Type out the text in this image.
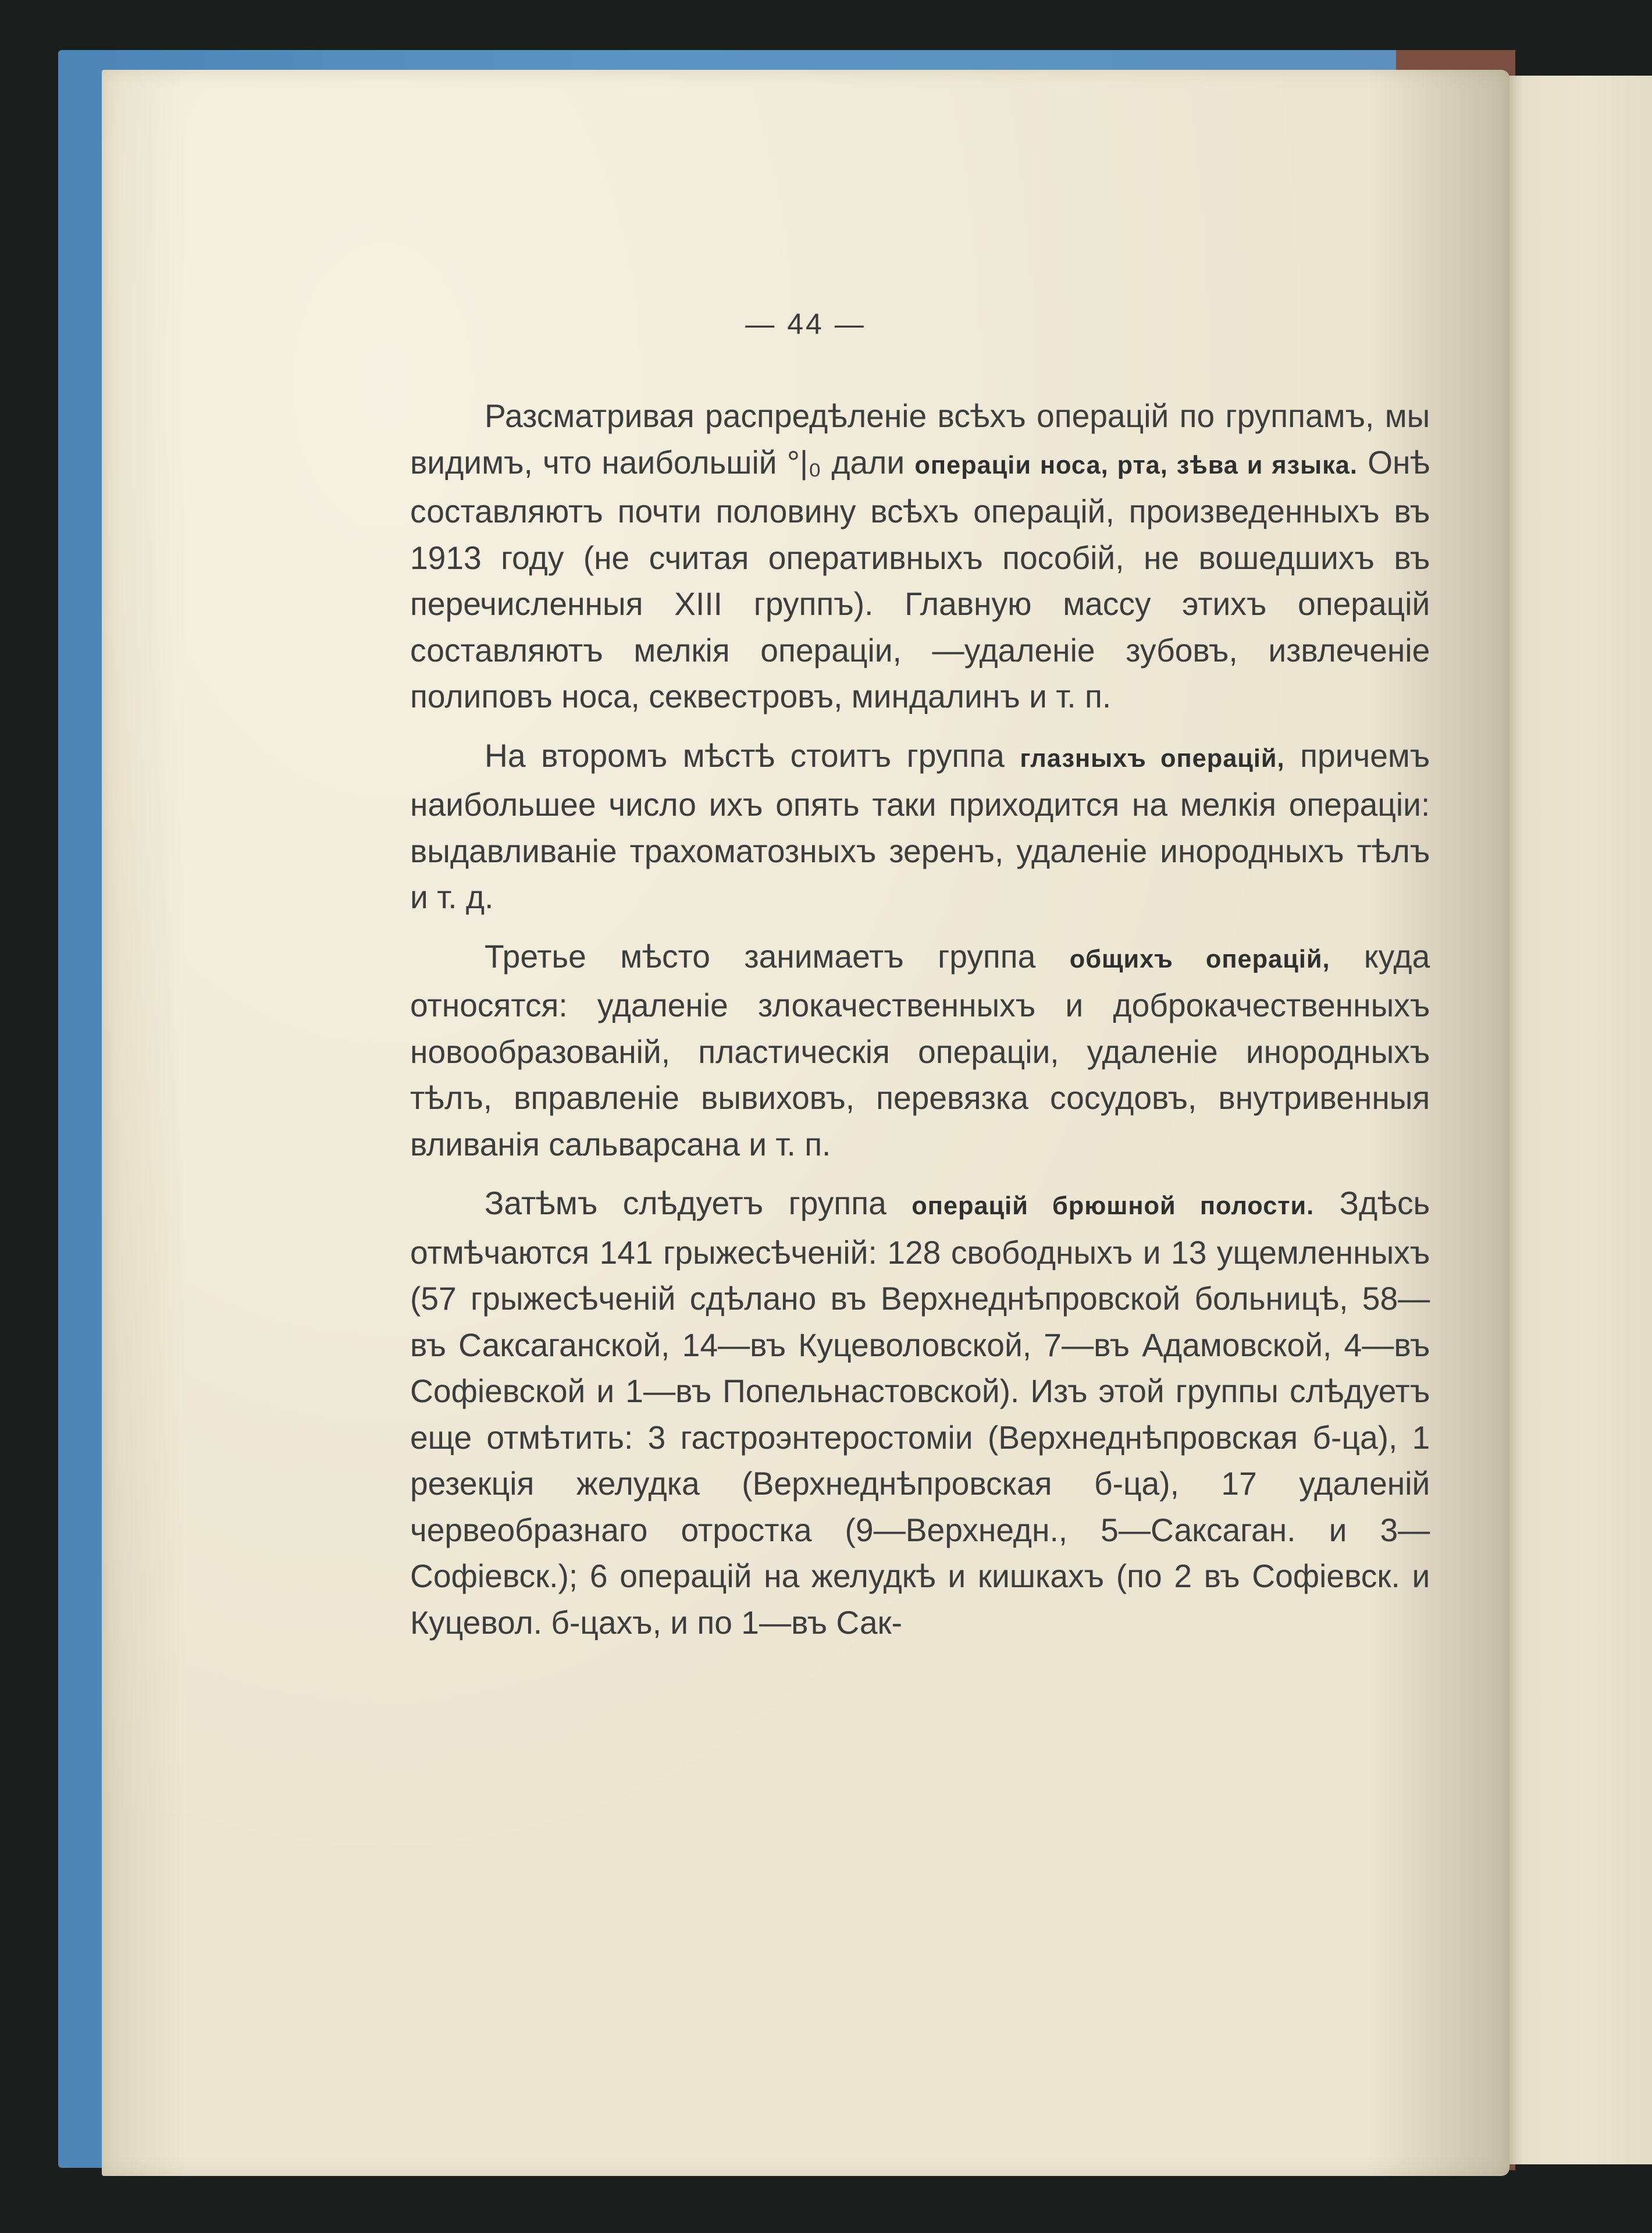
— 44 —

Разсматривая распредѣленіе всѣхъ операцій по группамъ, мы видимъ, что наибольшій °|₀ дали операціи носа, рта, зѣва и языка. Онѣ составляютъ почти половину всѣхъ операцій, произведенныхъ въ 1913 году (не считая оперативныхъ пособій, не вошедшихъ въ перечисленныя XIII группъ). Главную массу этихъ операцій составляютъ мелкія операціи, —удаленіе зубовъ, извлеченіе полиповъ носа, секвестровъ, миндалинъ и т. п.

На второмъ мѣстѣ стоитъ группа глазныхъ операцій, причемъ наибольшее число ихъ опять таки приходится на мелкія операціи: выдавливаніе трахоматозныхъ зеренъ, удаленіе инородныхъ тѣлъ и т. д.

Третье мѣсто занимаетъ группа общихъ операцій, куда относятся: удаленіе злокачественныхъ и доброкачественныхъ новообразованій, пластическія операціи, удаленіе инородныхъ тѣлъ, вправленіе вывиховъ, перевязка сосудовъ, внутривенныя вливанія сальварсана и т. п.

Затѣмъ слѣдуетъ группа операцій брюшной полости. Здѣсь отмѣчаются 141 грыжесѣченій: 128 свободныхъ и 13 ущемленныхъ (57 грыжесѣченій сдѣлано въ Верхнеднѣпровской больницѣ, 58—въ Саксаганской, 14—въ Куцеволовской, 7—въ Адамовской, 4—въ Софіевской и 1—въ Попельнастовской). Изъ этой группы слѣдуетъ еще отмѣтить: 3 гастроэнтеростоміи (Верхнеднѣпровская б-ца), 1 резекція желудка (Верхнеднѣпровская б-ца), 17 удаленій червеобразнаго отростка (9—Верхнедн., 5—Саксаган. и 3—Софіевск.); 6 операцій на желудкѣ и кишкахъ (по 2 въ Софіевск. и Куцевол. б-цахъ, и по 1—въ Сак-
